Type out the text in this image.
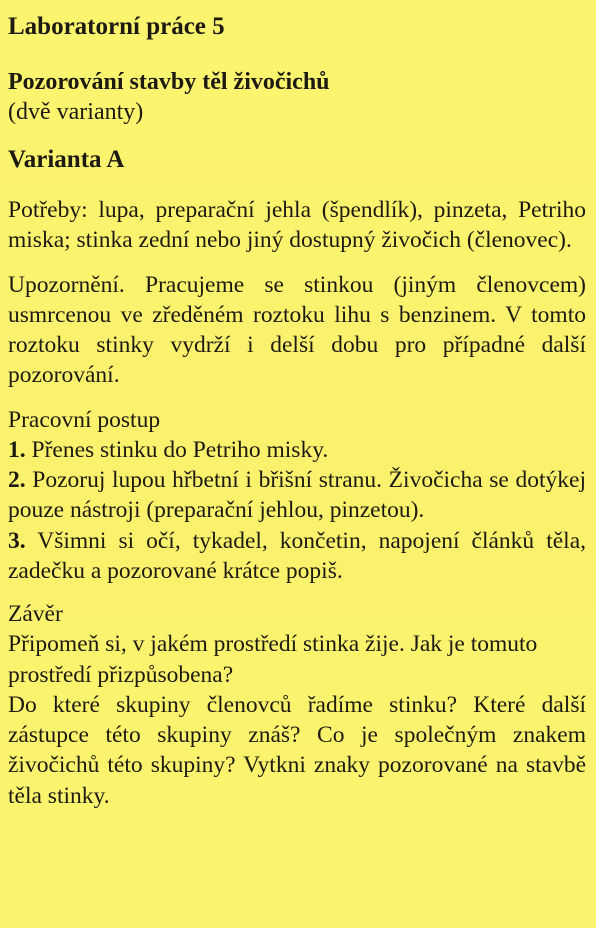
Laboratorní práce 5
Pozorování stavby těl živočichů
(dvě varianty)
Varianta A

Potřeby: lupa, preparační jehla (špendlík), pinzeta, Petriho miska; stinka zední nebo jiný dostupný živočich (členovec).

Upozornění. Pracujeme se stinkou (jiným členovcem) usmrcenou ve zředěném roztoku lihu s benzinem. V tomto roztoku stinky vydrží i delší dobu pro případné další pozorování.

Pracovní postup
1. Přenes stinku do Petriho misky.
2. Pozoruj lupou hřbetní i břišní stranu. Živočicha se dotýkej pouze nástroji (preparační jehlou, pinzetou).
3. Všimni si očí, tykadel, končetin, napojení článků těla, zadečku a pozorované krátce popiš.
Závěr

Připomeň si, v jakém prostředí stinka žije. Jak je tomuto prostředí přizpůsobena?

Do které skupiny členovců řadíme stinku? Které další zástupce této skupiny znáš? Co je společným znakem živočichů této skupiny? Vytkni znaky pozorované na stavbě těla stinky.
